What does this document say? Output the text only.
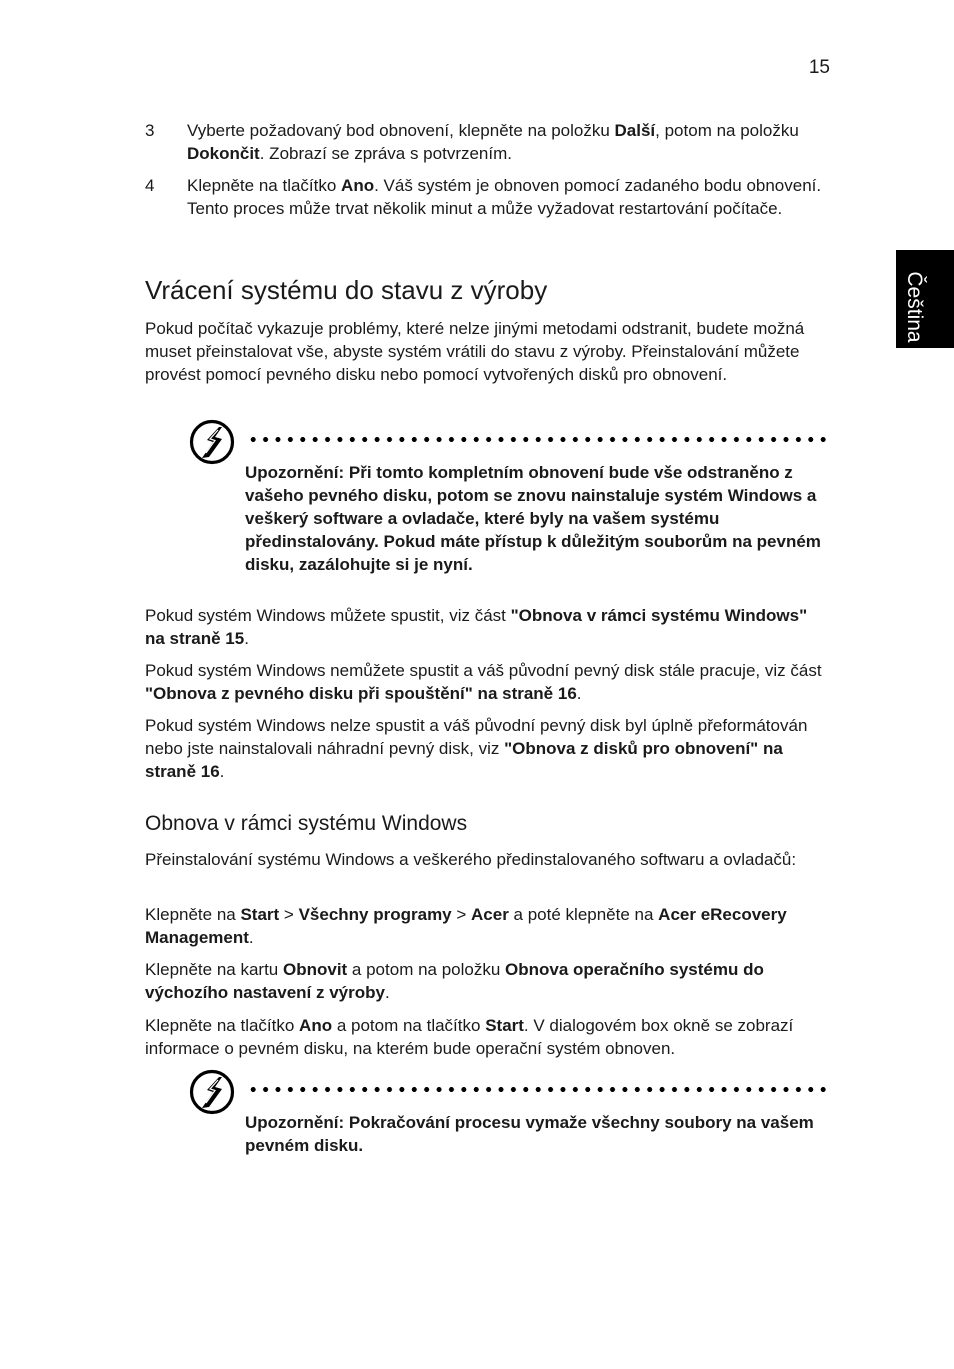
15
Čeština
3	Vyberte požadovaný bod obnovení, klepněte na položku Další, potom na položku Dokončit. Zobrazí se zpráva s potvrzením.
4	Klepněte na tlačítko Ano. Váš systém je obnoven pomocí zadaného bodu obnovení. Tento proces může trvat několik minut a může vyžadovat restartování počítače.
Vrácení systému do stavu z výroby
Pokud počítač vykazuje problémy, které nelze jinými metodami odstranit, budete možná muset přeinstalovat vše, abyste systém vrátili do stavu z výroby. Přeinstalování můžete provést pomocí pevného disku nebo pomocí vytvořených disků pro obnovení.
Upozornění: Při tomto kompletním obnovení bude vše odstraněno z vašeho pevného disku, potom se znovu nainstaluje systém Windows a veškerý software a ovladače, které byly na vašem systému předinstalovány. Pokud máte přístup k důležitým souborům na pevném disku, zazálohujte si je nyní.
Pokud systém Windows můžete spustit, viz část "Obnova v rámci systému Windows" na straně 15.
Pokud systém Windows nemůžete spustit a váš původní pevný disk stále pracuje, viz část "Obnova z pevného disku při spouštění" na straně 16.
Pokud systém Windows nelze spustit a váš původní pevný disk byl úplně přeformátován nebo jste nainstalovali náhradní pevný disk, viz "Obnova z disků pro obnovení" na straně 16.
Obnova v rámci systému Windows
Přeinstalování systému Windows a veškerého předinstalovaného softwaru a ovladačů:
Klepněte na Start > Všechny programy > Acer a poté klepněte na Acer eRecovery Management.
Klepněte na kartu Obnovit a potom na položku Obnova operačního systému do výchozího nastavení z výroby.
Klepněte na tlačítko Ano a potom na tlačítko Start. V dialogovém box okně se zobrazí informace o pevném disku, na kterém bude operační systém obnoven.
Upozornění: Pokračování procesu vymaže všechny soubory na vašem pevném disku.
